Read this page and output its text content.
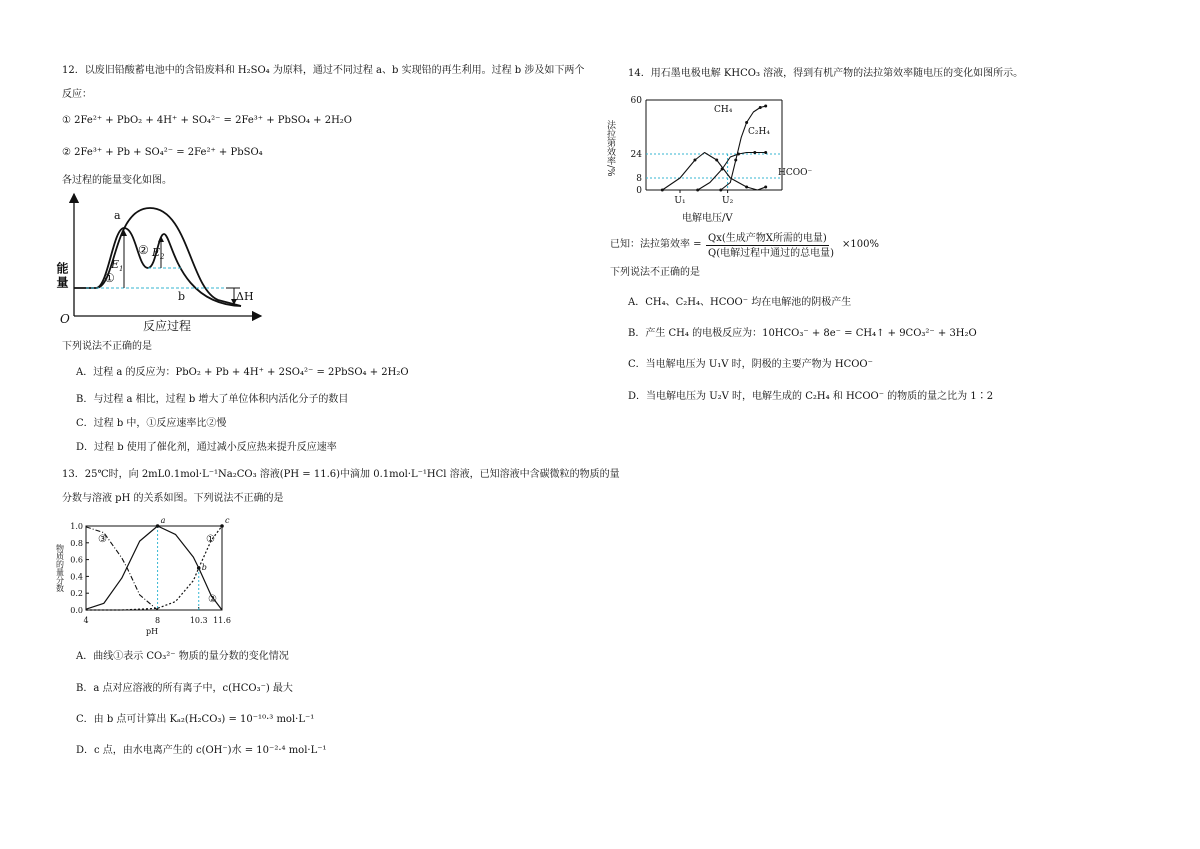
12．以废旧铅酸蓄电池中的含铅废料和 H₂SO₄ 为原料，通过不同过程 a、b 实现铅的再生利用。过程 b 涉及如下两个
反应：
① 2Fe²⁺ + PbO₂ + 4H⁺ + SO₄²⁻ = 2Fe³⁺ + PbSO₄ + 2H₂O
② 2Fe³⁺ + Pb + SO₄²⁻ = 2Fe²⁺ + PbSO₄
各过程的能量变化如图。
能量
反应过程
O
a
b
①
②
$E_1$
$E_2$
ΔH
下列说法不正确的是
A．过程 a 的反应为：PbO₂ + Pb + 4H⁺ + 2SO₄²⁻ = 2PbSO₄ + 2H₂O
B．与过程 a 相比，过程 b 增大了单位体积内活化分子的数目
C．过程 b 中，①反应速率比②慢
D．过程 b 使用了催化剂，通过减小反应热来提升反应速率
13．25℃时，向 2mL0.1mol·L⁻¹Na₂CO₃ 溶液(PH = 11.6)中滴加 0.1mol·L⁻¹HCl 溶液，已知溶液中含碳微粒的物质的量
分数与溶液 pH 的关系如图。下列说法不正确的是
0.0
0.2
0.4
0.6
0.8
1.0
4	8	10.3 11.6
①
②
③
a
b
c
物质的量分数
pH
A．曲线①表示 CO₃²⁻ 物质的量分数的变化情况
B．a 点对应溶液的所有离子中，c(HCO₃⁻) 最大
C．由 b 点可计算出 Kₐ₂(H₂CO₃) = 10⁻¹⁰·³ mol·L⁻¹
D．c 点，由水电离产生的 c(OH⁻)水 = 10⁻²·⁴ mol·L⁻¹
14．用石墨电极电解 KHCO₃ 溶液，得到有机产物的法拉第效率随电压的变化如图所示。
0
8
24
60
U₁	U₂
法拉第效率/%
电解电压/V
CH₄
C₂H₄
HCOO⁻
已知：法拉第效率 =
Qx(生成产物X所需的电量)
Q(电解过程中通过的总电量)
×100%
下列说法不正确的是
A．CH₄、C₂H₄、HCOO⁻ 均在电解池的阴极产生
B．产生 CH₄ 的电极反应为：10HCO₃⁻ + 8e⁻ = CH₄↑ + 9CO₃²⁻ + 3H₂O
C．当电解电压为 U₁V 时，阴极的主要产物为 HCOO⁻
D．当电解电压为 U₂V 时，电解生成的 C₂H₄ 和 HCOO⁻ 的物质的量之比为 1∶2
